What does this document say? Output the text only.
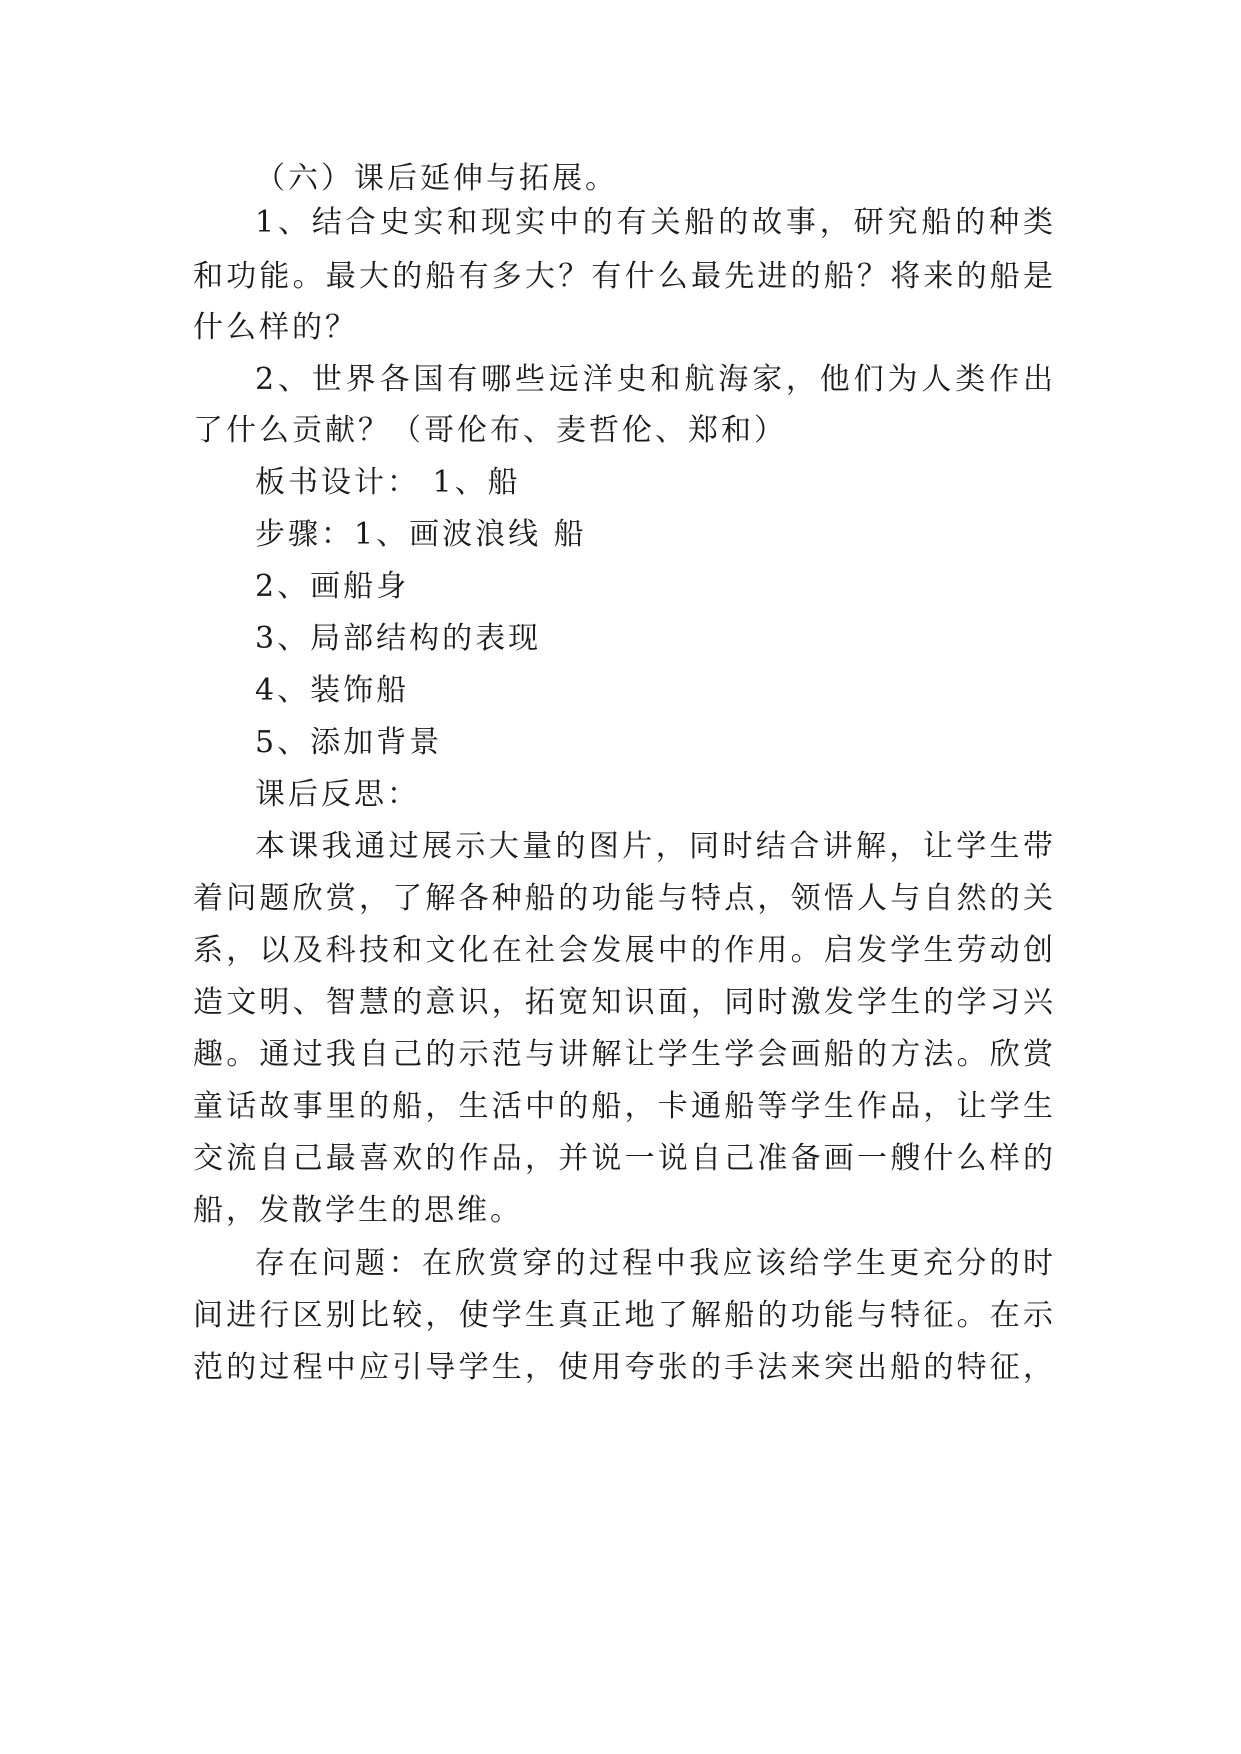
（六）课后延伸与拓展。
1、结合史实和现实中的有关船的故事，研究船的种类
和功能。最大的船有多大？有什么最先进的船？将来的船是
什么样的？
2、世界各国有哪些远洋史和航海家，他们为人类作出
了什么贡献？（哥伦布、麦哲伦、郑和）
板书设计： 1、船
步骤：1、画波浪线 船
2、画船身
3、局部结构的表现
4、装饰船
5、添加背景
课后反思：
本课我通过展示大量的图片，同时结合讲解，让学生带
着问题欣赏，了解各种船的功能与特点，领悟人与自然的关
系，以及科技和文化在社会发展中的作用。启发学生劳动创
造文明、智慧的意识，拓宽知识面，同时激发学生的学习兴
趣。通过我自己的示范与讲解让学生学会画船的方法。欣赏
童话故事里的船，生活中的船，卡通船等学生作品，让学生
交流自己最喜欢的作品，并说一说自己准备画一艘什么样的
船，发散学生的思维。
存在问题：在欣赏穿的过程中我应该给学生更充分的时
间进行区别比较，使学生真正地了解船的功能与特征。在示
范的过程中应引导学生，使用夸张的手法来突出船的特征，
